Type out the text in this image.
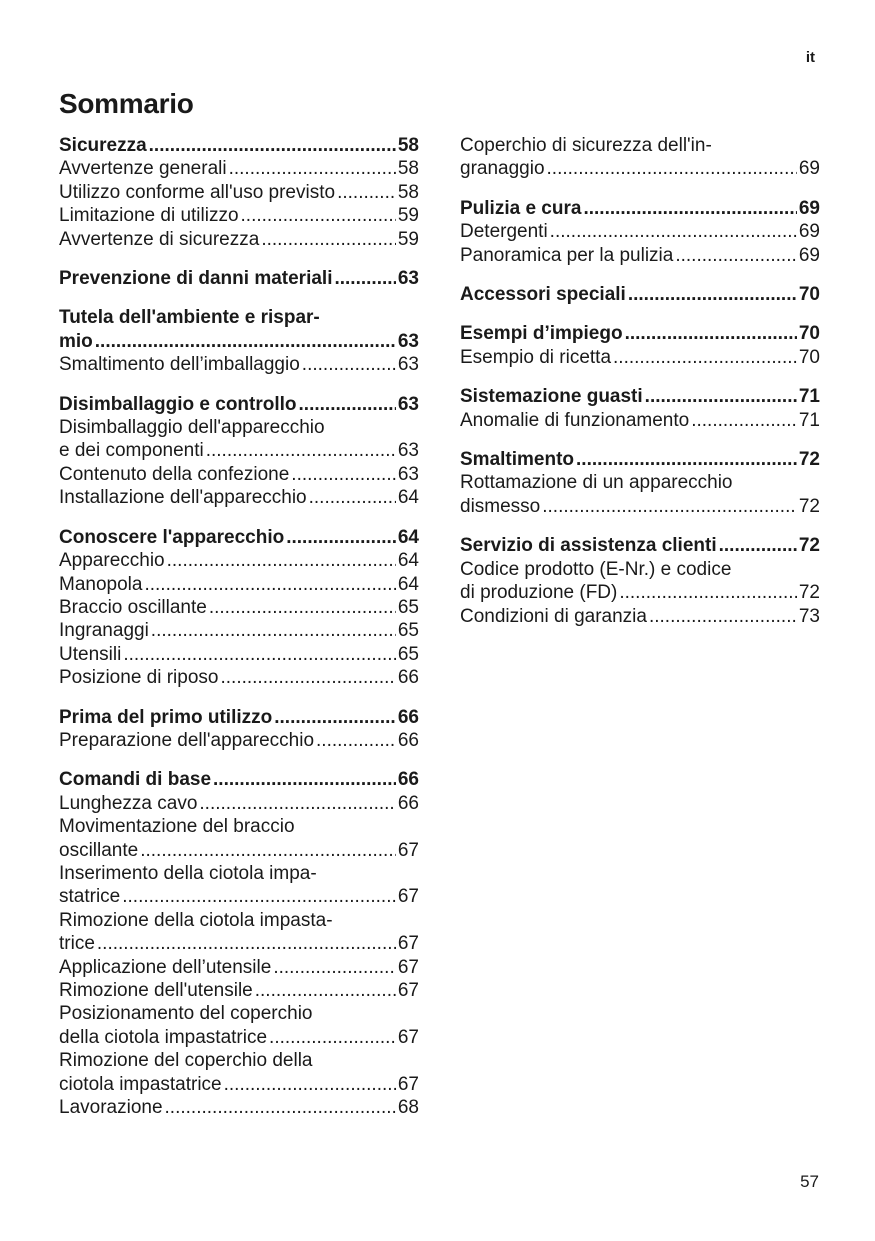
it
Sommario
Sicurezza .....	58
Avvertenze generali .....	58
Utilizzo conforme all'uso previsto .....	58
Limitazione di utilizzo .....	59
Avvertenze di sicurezza .....	59
Prevenzione di danni materiali .....	63
Tutela dell'ambiente e rispar-
mio .....	63
Smaltimento dell’imballaggio .....	63
Disimballaggio e controllo .....	63
Disimballaggio dell'apparecchio
e dei componenti .....	63
Contenuto della confezione .....	63
Installazione dell'apparecchio .....	64
Conoscere l'apparecchio .....	64
Apparecchio .....	64
Manopola .....	64
Braccio oscillante .....	65
Ingranaggi .....	65
Utensili .....	65
Posizione di riposo .....	66
Prima del primo utilizzo .....	66
Preparazione dell'apparecchio .....	66
Comandi di base .....	66
Lunghezza cavo .....	66
Movimentazione del braccio
oscillante .....	67
Inserimento della ciotola impa-
statrice .....	67
Rimozione della ciotola impasta-
trice .....	67
Applicazione dell’utensile .....	67
Rimozione dell'utensile .....	67
Posizionamento del coperchio
della ciotola impastatrice .....	67
Rimozione del coperchio della
ciotola impastatrice .....	67
Lavorazione .....	68
Coperchio di sicurezza dell'in-
granaggio .....	69
Pulizia e cura .....	69
Detergenti .....	69
Panoramica per la pulizia .....	69
Accessori speciali .....	70
Esempi d’impiego .....	70
Esempio di ricetta .....	70
Sistemazione guasti .....	71
Anomalie di funzionamento .....	71
Smaltimento .....	72
Rottamazione di un apparecchio
dismesso .....	72
Servizio di assistenza clienti .....	72
Codice prodotto (E-Nr.) e codice
di produzione (FD) .....	72
Condizioni di garanzia .....	73
57
